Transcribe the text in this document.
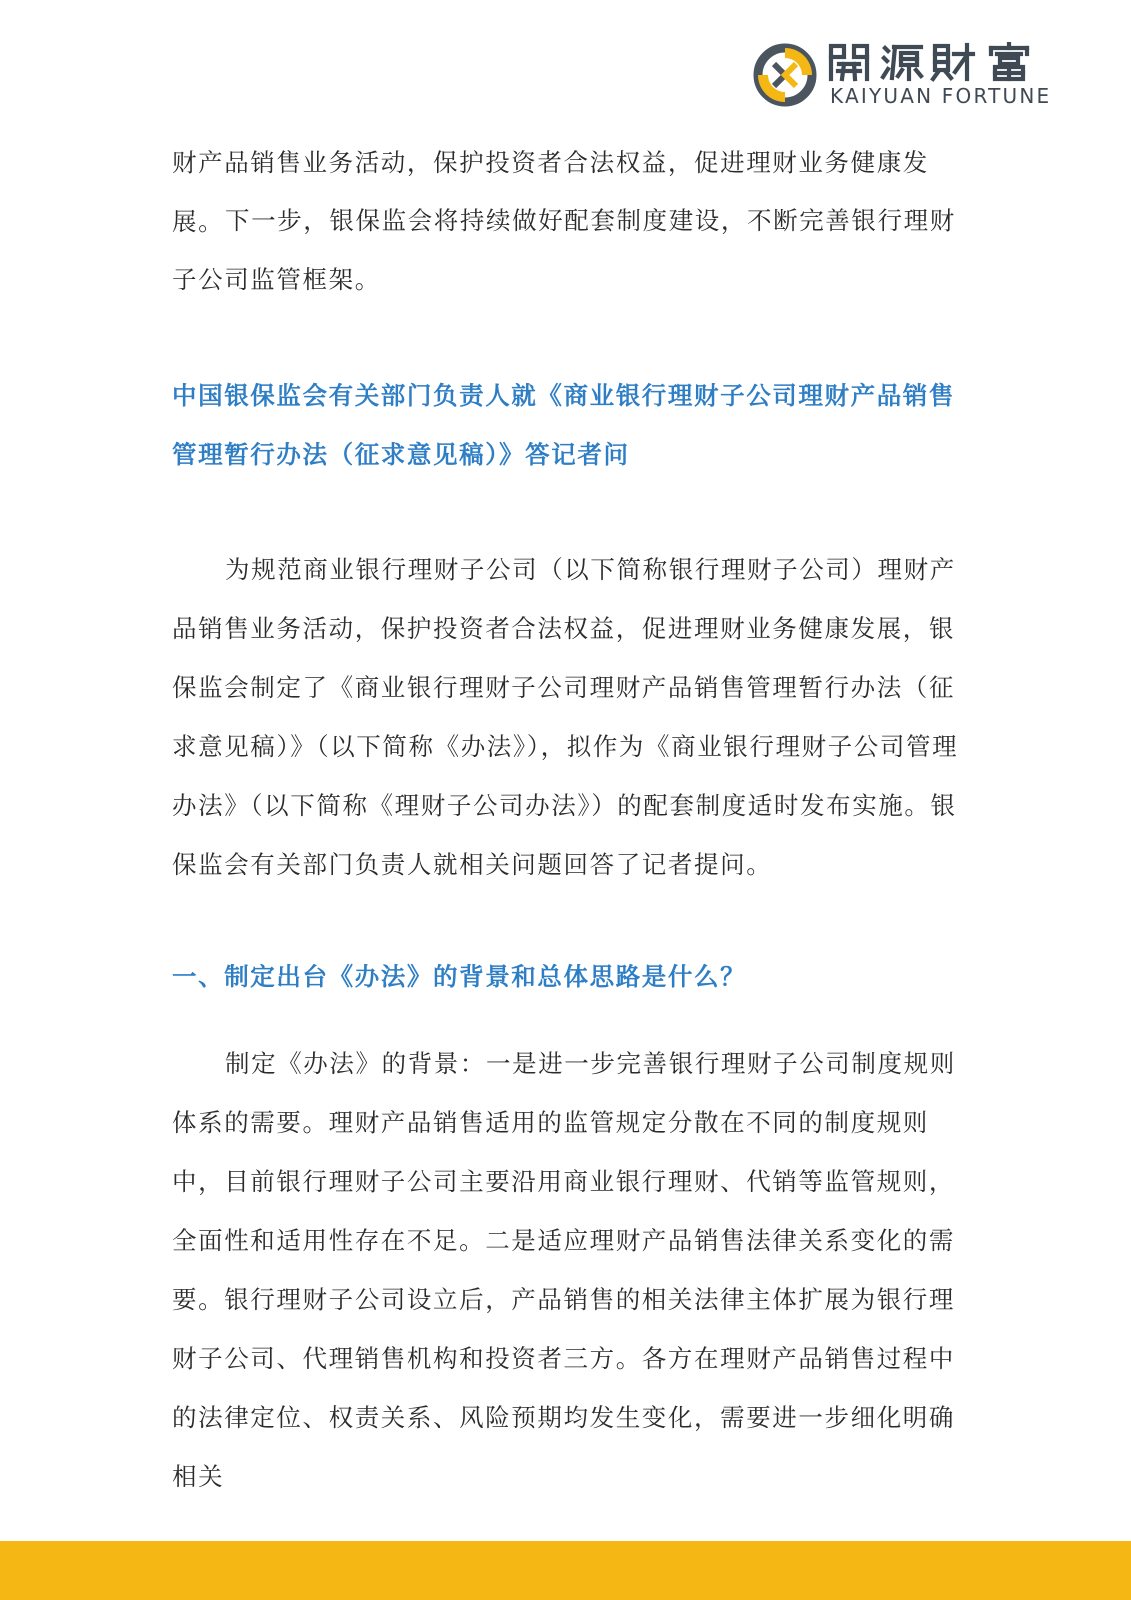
KAIYUAN FORTUNE

财产品销售业务活动，保护投资者合法权益，促进理财业务健康发展。 下一步，银保监会将持续做好配套制度建设，不断完善银行理财子公司监管框架。

中国银保监会有关部门负责人就《商业银行理财子公司理财产品销售管理暂行办法（征求意见稿）》答记者问

为规范商业银行理财子公司（以下简称银行理财子公司）理财产品销售业务活动，保护投资者合法权益，促进理财业务健康发展，银保监会制定了《商业银行理财子公司理财产品销售管理暂行办法（征求意见稿）》（以下简称《办法》），拟作为《商业银行理财子公司管理办法》（以下简称《理财子公司办法》）的配套制度适时发布实施。银保监会有关部门负责人就相关问题回答了记者提问。

一、制定出台《办法》的背景和总体思路是什么？

制定《办法》的背景：一是进一步完善银行理财子公司制度规则体系的需要。理财产品销售适用的监管规定分散在不同的制度规则中，目前银行理财子公司主要沿用商业银行理财、代销等监管规则，全面性和适用性存在不足。二是适应理财产品销售法律关系变化的需要。银行理财子公司设立后，产品销售的相关法律主体扩展为银行理财子公司、代理销售机构和投资者三方。各方在理财产品销售过程中的法律定位、权责关系、风险预期均发生变化，需要进一步细化明确相关
